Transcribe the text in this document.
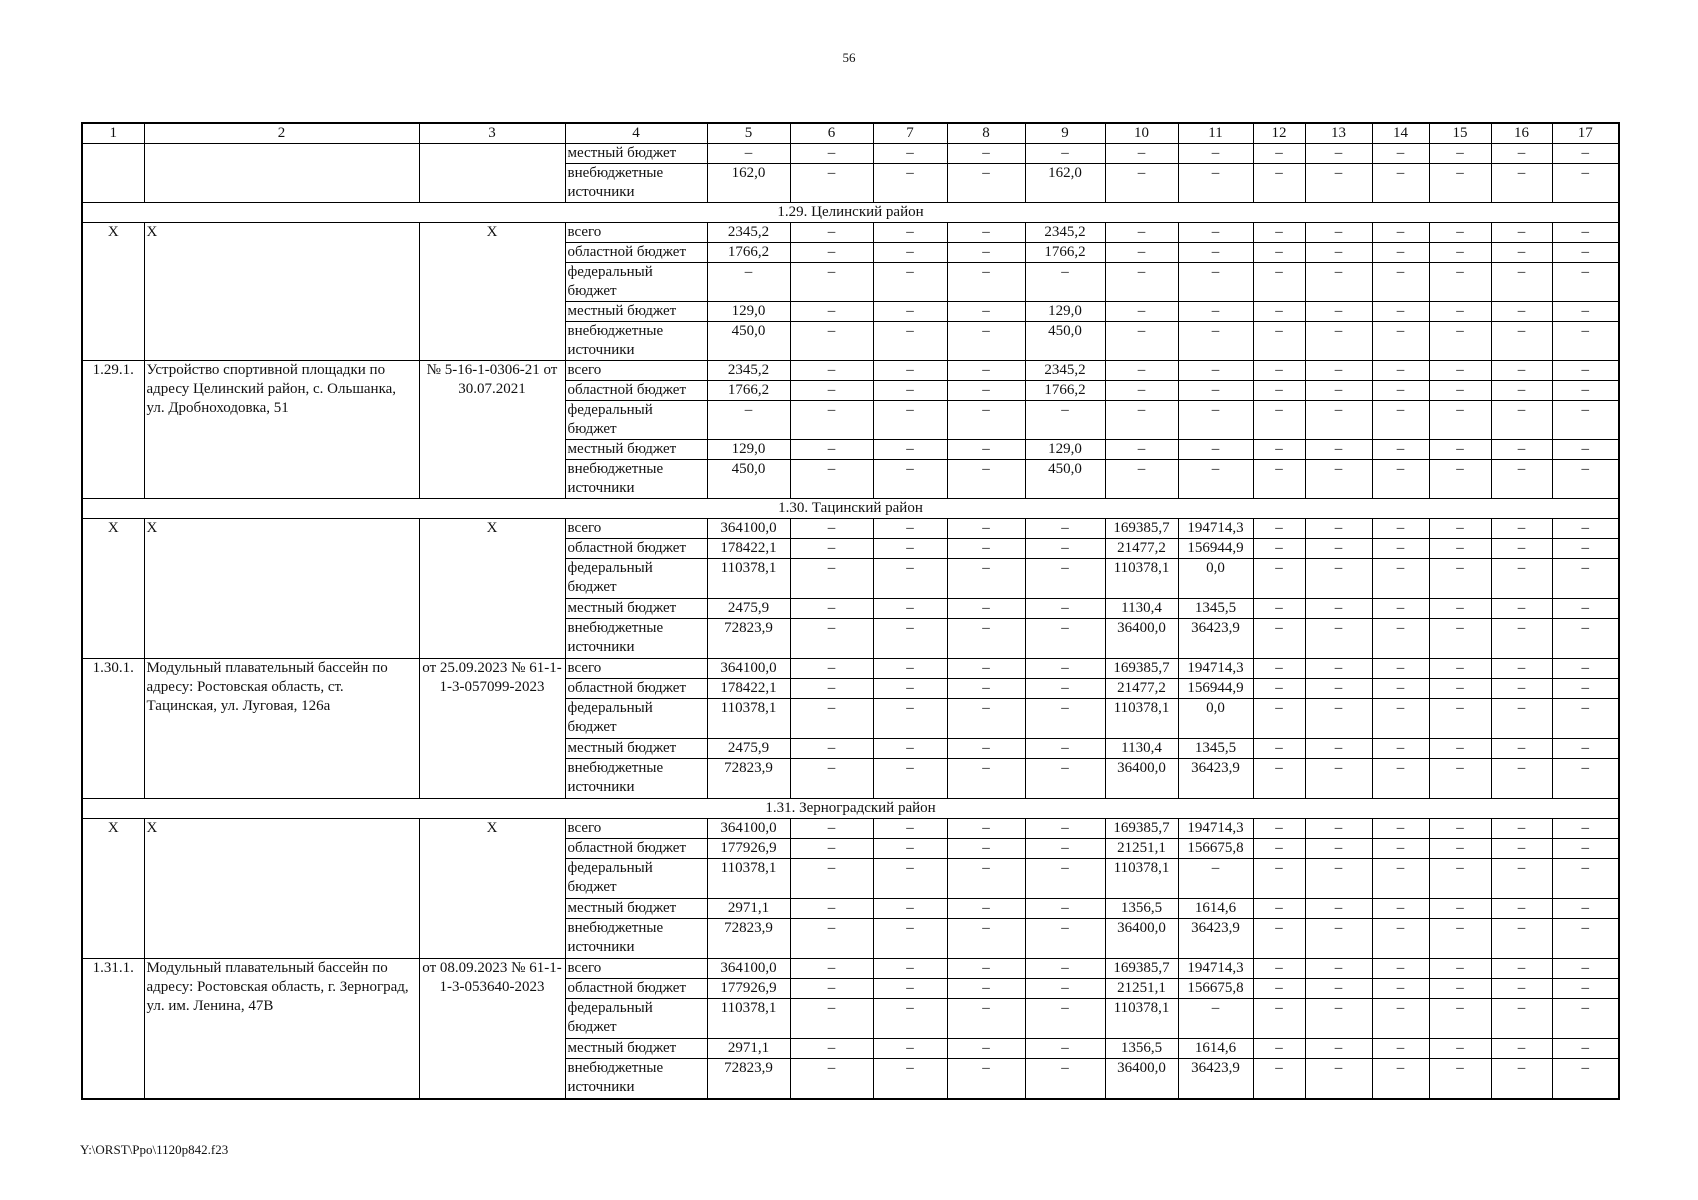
56
1	2	3	4	5	6	7	8	9	10	11	12	13	14	15	16	17
			местный бюджет	–	–	–	–	–	–	–	–	–	–	–	–	–
			внебюджетные источники	162,0	–	–	–	162,0	–	–	–	–	–	–	–	–
1.29. Целинский район																
X	X	X	всего	2345,2	–	–	–	2345,2	–	–	–	–	–	–	–	–
			областной бюджет	1766,2	–	–	–	1766,2	–	–	–	–	–	–	–	–
			федеральный бюджет	–	–	–	–	–	–	–	–	–	–	–	–	–
			местный бюджет	129,0	–	–	–	129,0	–	–	–	–	–	–	–	–
			внебюджетные источники	450,0	–	–	–	450,0	–	–	–	–	–	–	–	–
1.29.1.	Устройство спортивной площадки по адресу Целинский район, с. Ольшанка, ул. Дробноходовка, 51	№ 5-16-1-0306-21 от 30.07.2021	всего	2345,2	–	–	–	2345,2	–	–	–	–	–	–	–	–
			областной бюджет	1766,2	–	–	–	1766,2	–	–	–	–	–	–	–	–
			федеральный бюджет	–	–	–	–	–	–	–	–	–	–	–	–	–
			местный бюджет	129,0	–	–	–	129,0	–	–	–	–	–	–	–	–
			внебюджетные источники	450,0	–	–	–	450,0	–	–	–	–	–	–	–	–
1.30. Тацинский район																
X	X	X	всего	364100,0	–	–	–	–	169385,7	194714,3	–	–	–	–	–	–
			областной бюджет	178422,1	–	–	–	–	21477,2	156944,9	–	–	–	–	–	–
			федеральный бюджет	110378,1	–	–	–	–	110378,1	0,0	–	–	–	–	–	–
			местный бюджет	2475,9	–	–	–	–	1130,4	1345,5	–	–	–	–	–	–
			внебюджетные источники	72823,9	–	–	–	–	36400,0	36423,9	–	–	–	–	–	–
1.30.1.	Модульный плавательный бассейн по адресу: Ростовская область, ст. Тацинская, ул. Луговая, 126а	от 25.09.2023 № 61-1-1-3-057099-2023	всего	364100,0	–	–	–	–	169385,7	194714,3	–	–	–	–	–	–
			областной бюджет	178422,1	–	–	–	–	21477,2	156944,9	–	–	–	–	–	–
			федеральный бюджет	110378,1	–	–	–	–	110378,1	0,0	–	–	–	–	–	–
			местный бюджет	2475,9	–	–	–	–	1130,4	1345,5	–	–	–	–	–	–
			внебюджетные источники	72823,9	–	–	–	–	36400,0	36423,9	–	–	–	–	–	–
1.31. Зерноградский район																
X	X	X	всего	364100,0	–	–	–	–	169385,7	194714,3	–	–	–	–	–	–
			областной бюджет	177926,9	–	–	–	–	21251,1	156675,8	–	–	–	–	–	–
			федеральный бюджет	110378,1	–	–	–	–	110378,1	–	–	–	–	–	–	–
			местный бюджет	2971,1	–	–	–	–	1356,5	1614,6	–	–	–	–	–	–
			внебюджетные источники	72823,9	–	–	–	–	36400,0	36423,9	–	–	–	–	–	–
1.31.1.	Модульный плавательный бассейн по адресу: Ростовская область, г. Зерноград, ул. им. Ленина, 47В	от 08.09.2023 № 61-1-1-3-053640-2023	всего	364100,0	–	–	–	–	169385,7	194714,3	–	–	–	–	–	–
			областной бюджет	177926,9	–	–	–	–	21251,1	156675,8	–	–	–	–	–	–
			федеральный бюджет	110378,1	–	–	–	–	110378,1	–	–	–	–	–	–	–
			местный бюджет	2971,1	–	–	–	–	1356,5	1614,6	–	–	–	–	–	–
			внебюджетные источники	72823,9	–	–	–	–	36400,0	36423,9	–	–	–	–	–	–
Y:\ORST\Ppo\1120p842.f23
